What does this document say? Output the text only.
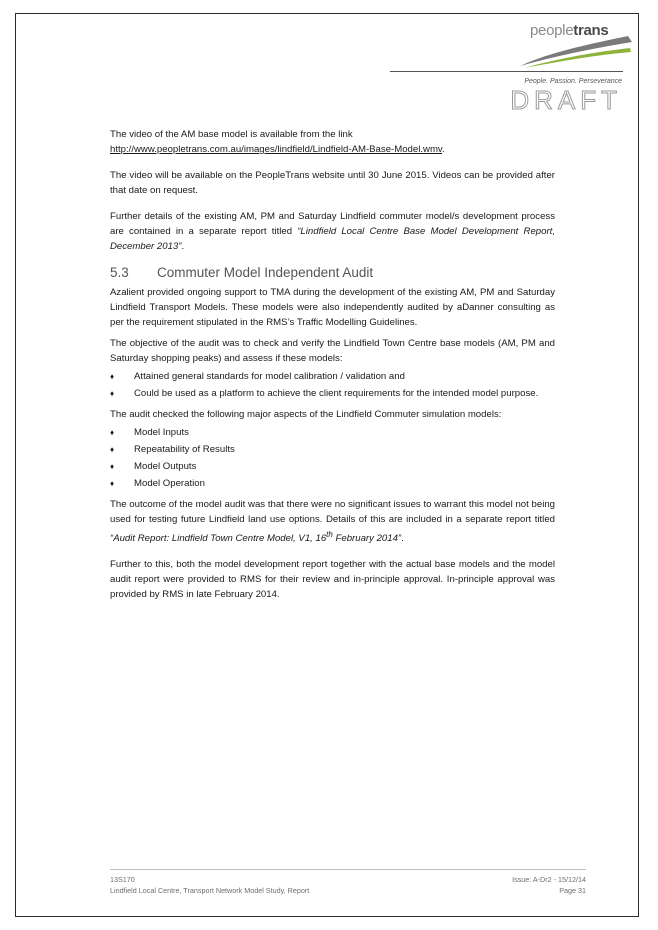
peopletrans
People. Passion. Perseverance
DRAFT

The video of the AM base model is available from the link
http://www.peopletrans.com.au/images/lindfield/Lindfield-AM-Base-Model.wmv.

The video will be available on the PeopleTrans website until 30 June 2015. Videos can be provided after that date on request.

Further details of the existing AM, PM and Saturday Lindfield commuter model/s development process are contained in a separate report titled “Lindfield Local Centre Base Model Development Report, December 2013”.

5.3 Commuter Model Independent Audit

Azalient provided ongoing support to TMA during the development of the existing AM, PM and Saturday Lindfield Transport Models. These models were also independently audited by aDanner consulting as per the requirement stipulated in the RMS’s Traffic Modelling Guidelines.

The objective of the audit was to check and verify the Lindfield Town Centre base models (AM, PM and Saturday shopping peaks) and assess if these models:

♦ Attained general standards for model calibration / validation and
♦ Could be used as a platform to achieve the client requirements for the intended model purpose.

The audit checked the following major aspects of the Lindfield Commuter simulation models:

♦ Model Inputs
♦ Repeatability of Results
♦ Model Outputs
♦ Model Operation

The outcome of the model audit was that there were no significant issues to warrant this model not being used for testing future Lindfield land use options. Details of this are included in a separate report titled “Audit Report: Lindfield Town Centre Model, V1, 16th February 2014”.

Further to this, both the model development report together with the actual base models and the model audit report were provided to RMS for their review and in-principle approval. In-principle approval was provided by RMS in late February 2014.

13S170
Lindfield Local Centre, Transport Network Model Study, Report
Issue: A-Dr2 - 15/12/14
Page 31
